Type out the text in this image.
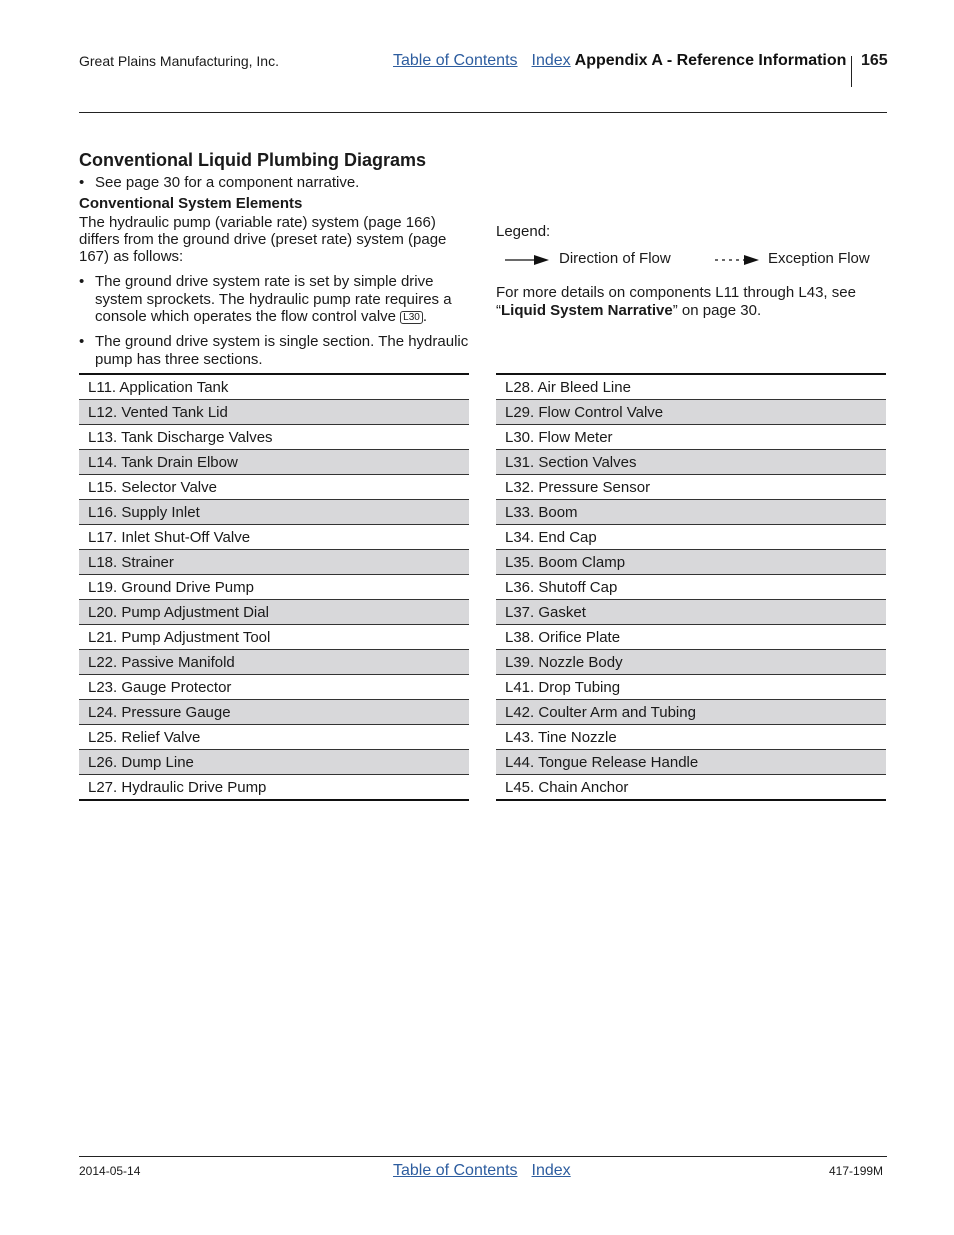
Great Plains Manufacturing, Inc.	Table of Contents Index Appendix A - Reference Information 165
Conventional Liquid Plumbing Diagrams
• See page 30 for a component narrative.
Conventional System Elements
The hydraulic pump (variable rate) system (page 166) differs from the ground drive (preset rate) system (page 167) as follows:
• The ground drive system rate is set by simple drive system sprockets. The hydraulic pump rate requires a console which operates the flow control valve L30 .
• The ground drive system is single section. The hydraulic pump has three sections.
Legend:
Direction of Flow	Exception Flow
For more details on components L11 through L43, see “Liquid System Narrative” on page 30.
L11. Application Tank
L12. Vented Tank Lid
L13. Tank Discharge Valves
L14. Tank Drain Elbow
L15. Selector Valve
L16. Supply Inlet
L17. Inlet Shut-Off Valve
L18. Strainer
L19. Ground Drive Pump
L20. Pump Adjustment Dial
L21. Pump Adjustment Tool
L22. Passive Manifold
L23. Gauge Protector
L24. Pressure Gauge
L25. Relief Valve
L26. Dump Line
L27. Hydraulic Drive Pump
L28. Air Bleed Line
L29. Flow Control Valve
L30. Flow Meter
L31. Section Valves
L32. Pressure Sensor
L33. Boom
L34. End Cap
L35. Boom Clamp
L36. Shutoff Cap
L37. Gasket
L38. Orifice Plate
L39. Nozzle Body
L41. Drop Tubing
L42. Coulter Arm and Tubing
L43. Tine Nozzle
L44. Tongue Release Handle
L45. Chain Anchor
2014-05-14	Table of Contents Index	417-199M
